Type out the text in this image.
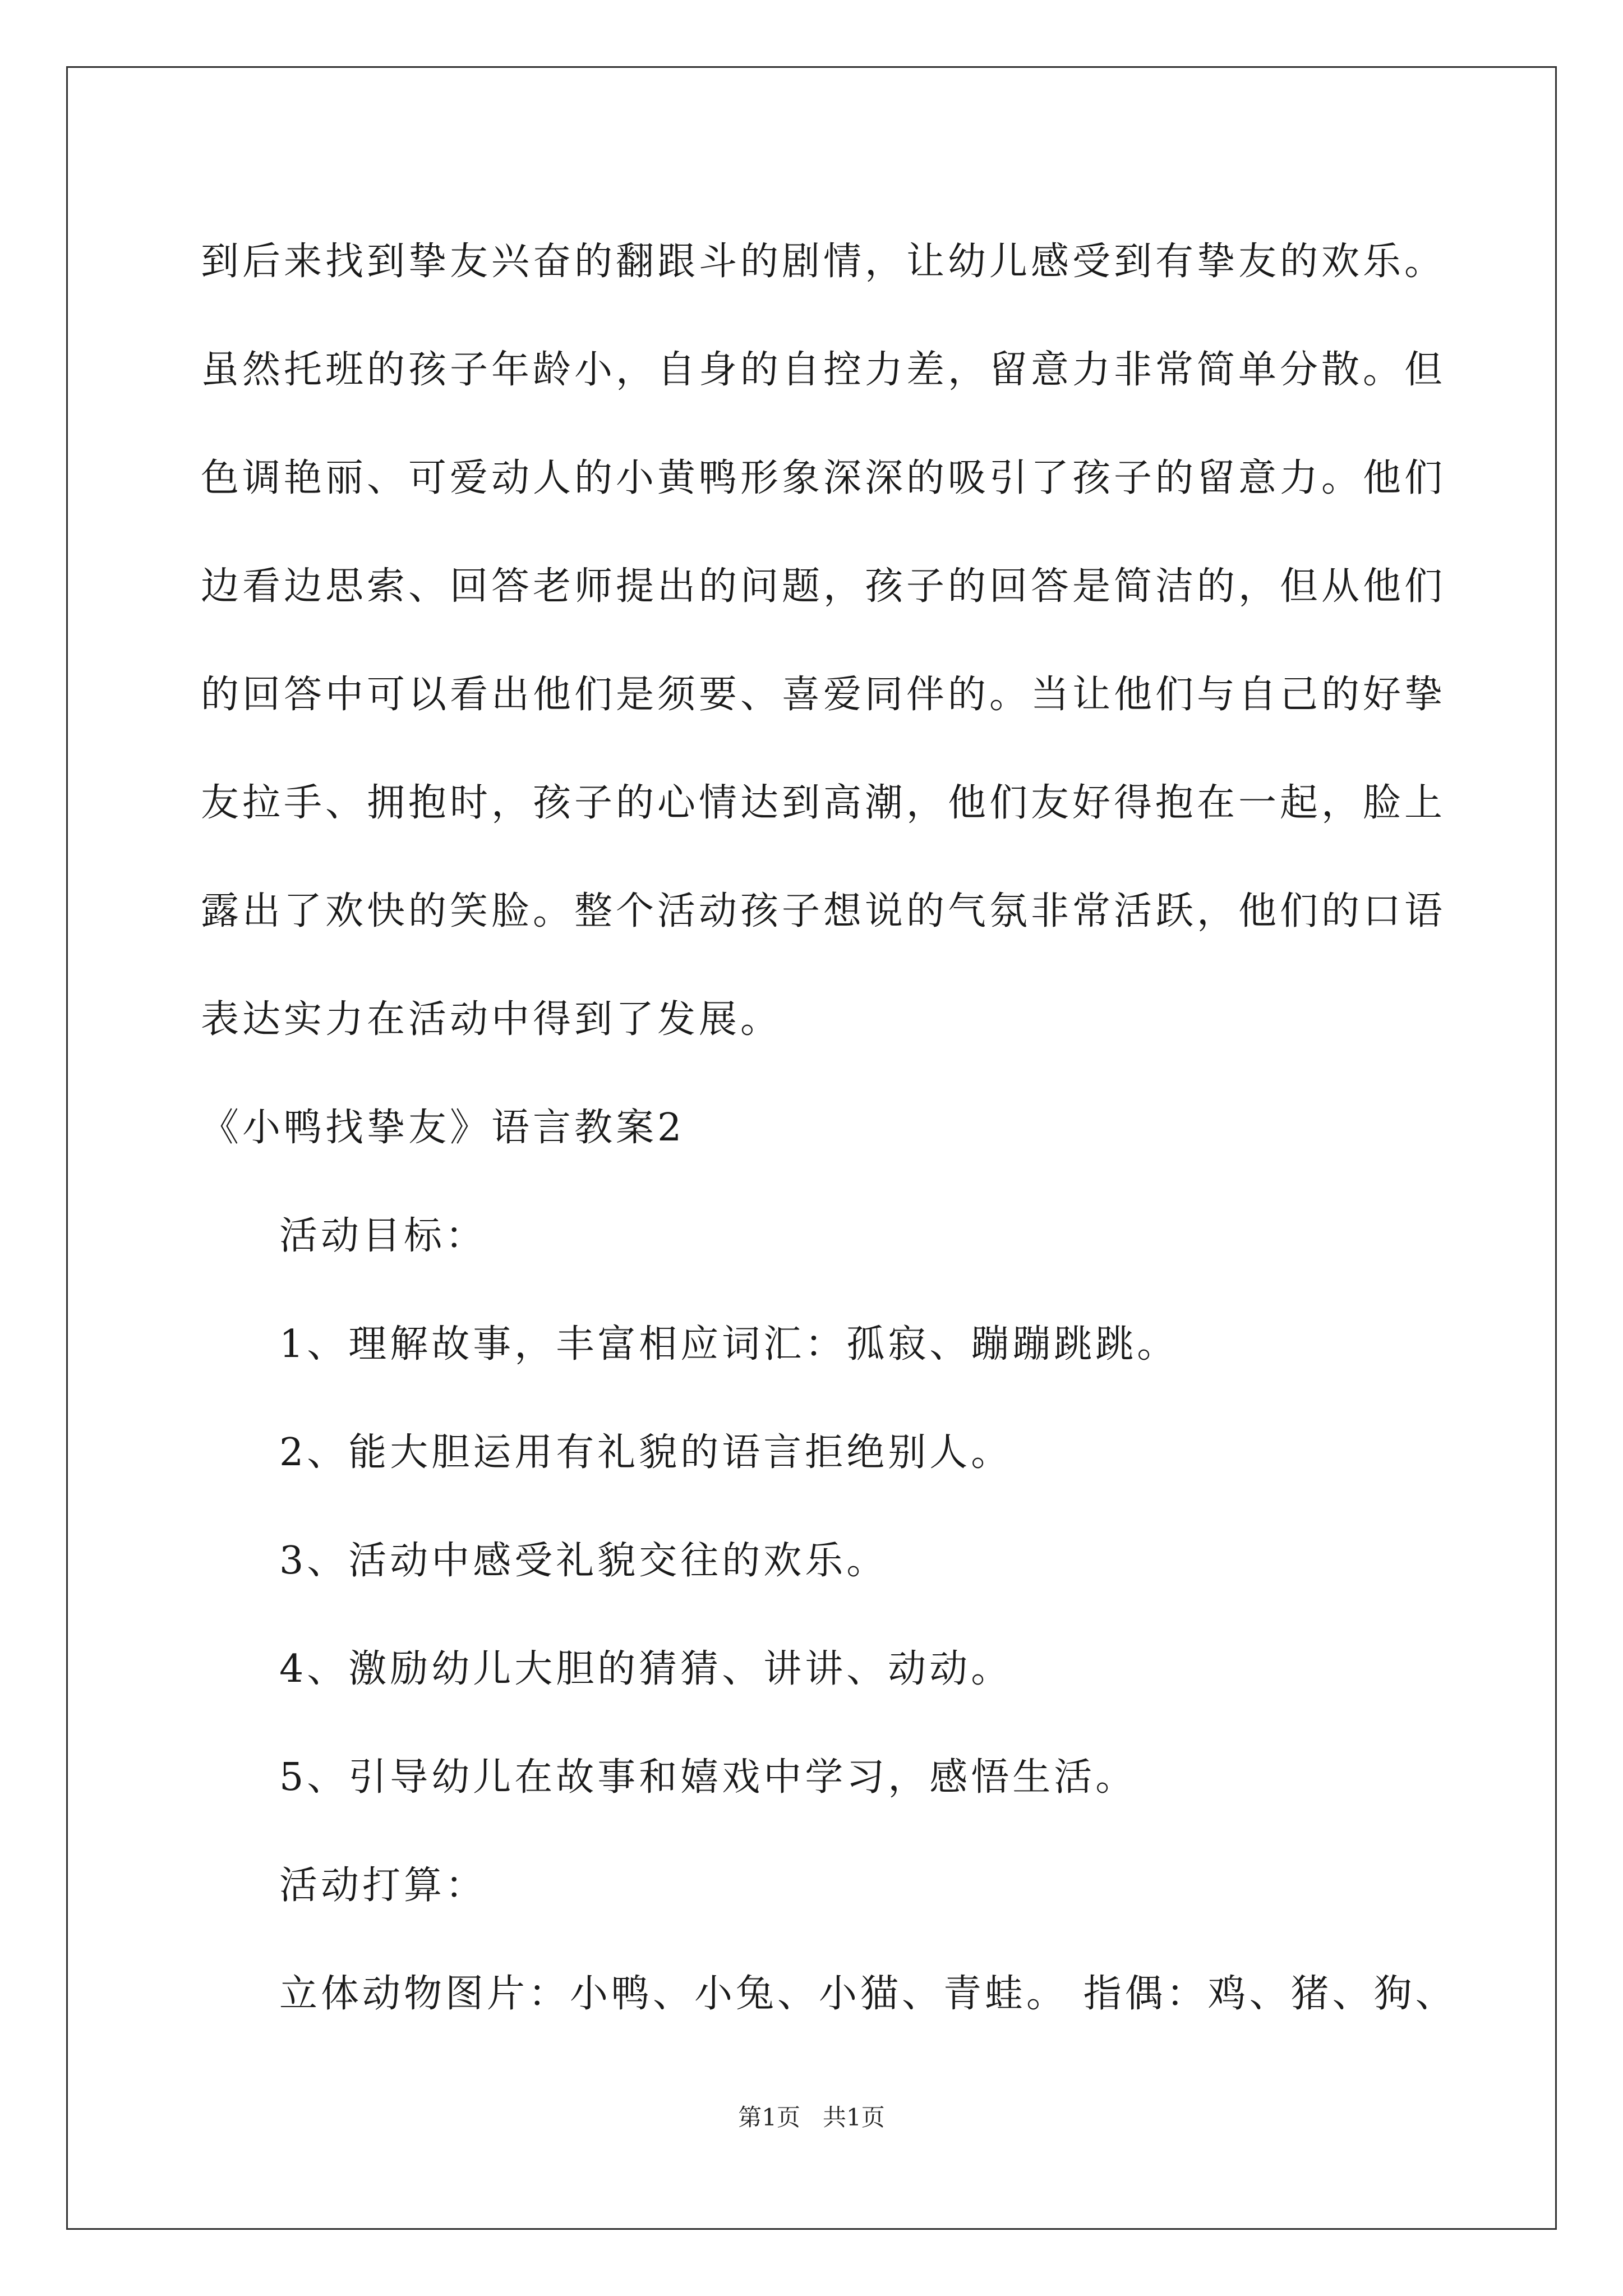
到后来找到挚友兴奋的翻跟斗的剧情，让幼儿感受到有挚友的欢乐。
虽然托班的孩子年龄小，自身的自控力差，留意力非常简单分散。但
色调艳丽、可爱动人的小黄鸭形象深深的吸引了孩子的留意力。他们
边看边思索、回答老师提出的问题，孩子的回答是简洁的，但从他们
的回答中可以看出他们是须要、喜爱同伴的。当让他们与自己的好挚
友拉手、拥抱时，孩子的心情达到高潮，他们友好得抱在一起，脸上
露出了欢快的笑脸。整个活动孩子想说的气氛非常活跃，他们的口语
表达实力在活动中得到了发展。
《小鸭找挚友》语言教案2
活动目标：
1、理解故事，丰富相应词汇：孤寂、蹦蹦跳跳。
2、能大胆运用有礼貌的语言拒绝别人。
3、活动中感受礼貌交往的欢乐。
4、激励幼儿大胆的猜猜、讲讲、动动。
5、引导幼儿在故事和嬉戏中学习，感悟生活。
活动打算：
立体动物图片：小鸭、小兔、小猫、青蛙。 指偶：鸡、猪、狗、
第1页   共1页
